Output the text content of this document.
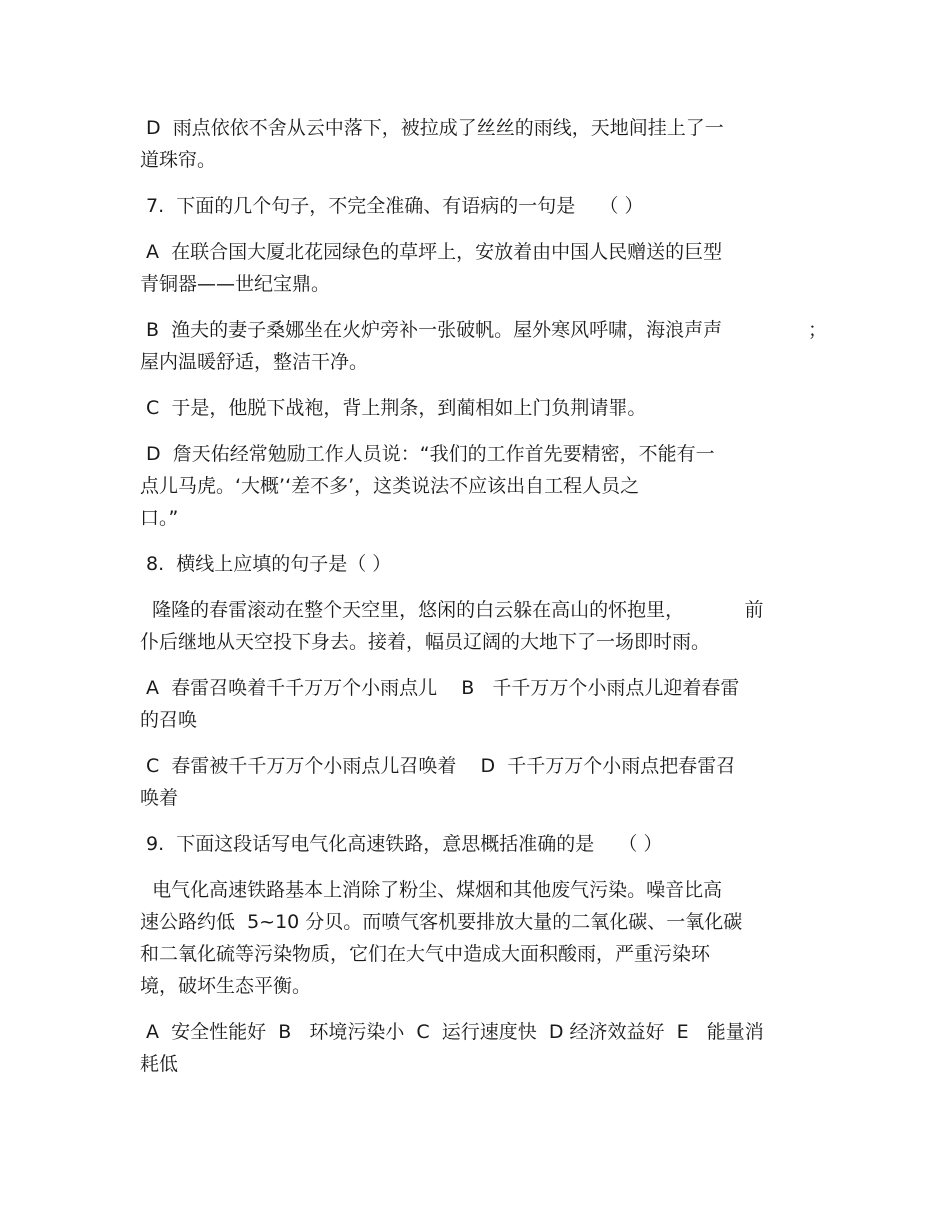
D  雨点依依不舍从云中落下，被拉成了丝丝的雨线，天地间挂上了一
道珠帘。
7.  下面的几个句子，不完全准确、有语病的一句是    （ ）
A  在联合国大厦北花园绿色的草坪上，安放着由中国人民赠送的巨型
青铜器——世纪宝鼎。
B  渔夫的妻子桑娜坐在火炉旁补一张破帆。屋外寒风呼啸，海浪声声	；
屋内温暖舒适，整洁干净。
C  于是，他脱下战袍，背上荆条，到蔺相如上门负荆请罪。
D  詹天佑经常勉励工作人员说：“我们的工作首先要精密，不能有一
点儿马虎。‘大概’‘差不多’，这类说法不应该出自工程人员之
口。”
8.  横线上应填的句子是（ ）
隆隆的春雷滚动在整个天空里，悠闲的白云躲在高山的怀抱里，          前
仆后继地从天空投下身去。接着，幅员辽阔的大地下了一场即时雨。
A  春雷召唤着千千万万个小雨点儿    B   千千万万个小雨点儿迎着春雷
的召唤
C  春雷被千千万万个小雨点儿召唤着    D  千千万万个小雨点把春雷召
唤着
9.  下面这段话写电气化高速铁路，意思概括准确的是    （ ）
电气化高速铁路基本上消除了粉尘、煤烟和其他废气污染。噪音比高
速公路约低  5~10 分贝。而喷气客机要排放大量的二氧化碳、一氧化碳
和二氧化硫等污染物质，它们在大气中造成大面积酸雨，严重污染环
境，破坏生态平衡。
A  安全性能好  B   环境污染小  C  运行速度快  D 经济效益好  E   能量消
耗低
